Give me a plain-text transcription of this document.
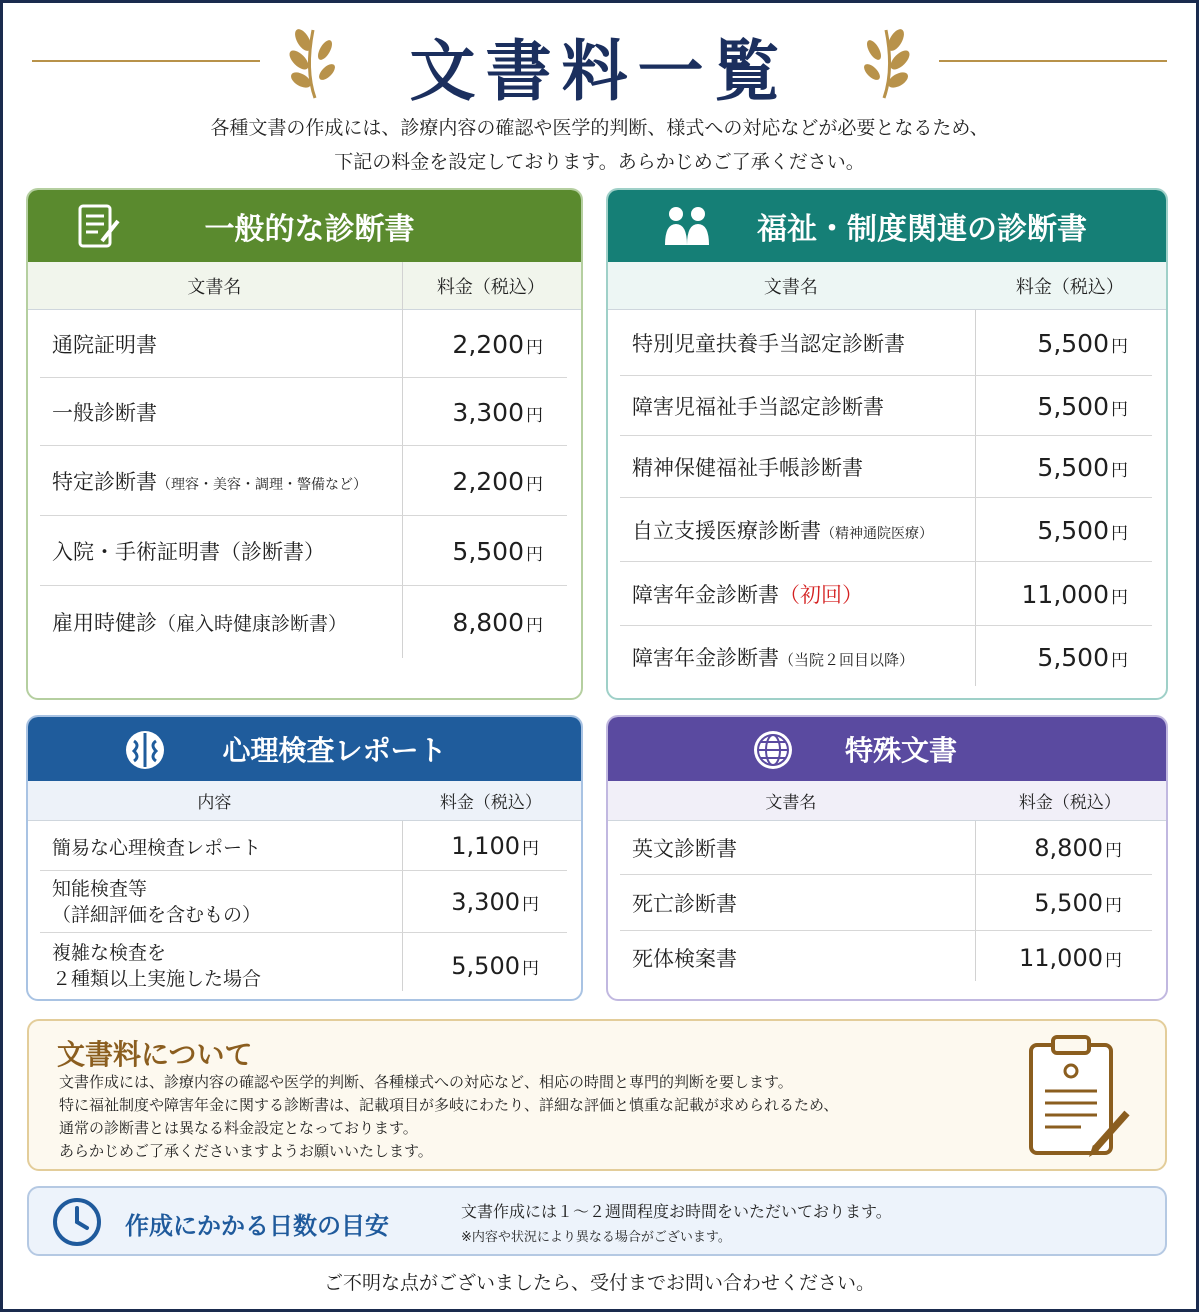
文書料一覧
各種文書の作成には、診療内容の確認や医学的判断、様式への対応などが必要となるため、
下記の料金を設定しております。あらかじめご了承ください。
一般的な診断書
文書名	料金（税込）
通院証明書	2,200 円
一般診断書	3,300 円
特定診断書（理容・美容・調理・警備など）	2,200 円
入院・手術証明書（診断書）	5,500 円
雇用時健診（雇入時健康診断書）	8,800 円
福祉・制度関連の診断書
文書名	料金（税込）
特別児童扶養手当認定診断書	5,500 円
障害児福祉手当認定診断書	5,500 円
精神保健福祉手帳診断書	5,500 円
自立支援医療診断書（精神通院医療）	5,500 円
障害年金診断書（初回）	11,000 円
障害年金診断書（当院２回目以降）	5,500 円
心理検査レポート
内容	料金（税込）
簡易な心理検査レポート	1,100 円
知能検査等
（詳細評価を含むもの）	3,300 円
複雑な検査を
２種類以上実施した場合	5,500 円
特殊文書
文書名	料金（税込）
英文診断書	8,800 円
死亡診断書	5,500 円
死体検案書	11,000 円
文書料について
文書作成には、診療内容の確認や医学的判断、各種様式への対応など、相応の時間と専門的判断を要します。
特に福祉制度や障害年金に関する診断書は、記載項目が多岐にわたり、詳細な評価と慎重な記載が求められるため、
通常の診断書とは異なる料金設定となっております。
あらかじめご了承くださいますようお願いいたします。
作成にかかる日数の目安
文書作成には１～２週間程度お時間をいただいております。
※内容や状況により異なる場合がございます。
ご不明な点がございましたら、受付までお問い合わせください。
